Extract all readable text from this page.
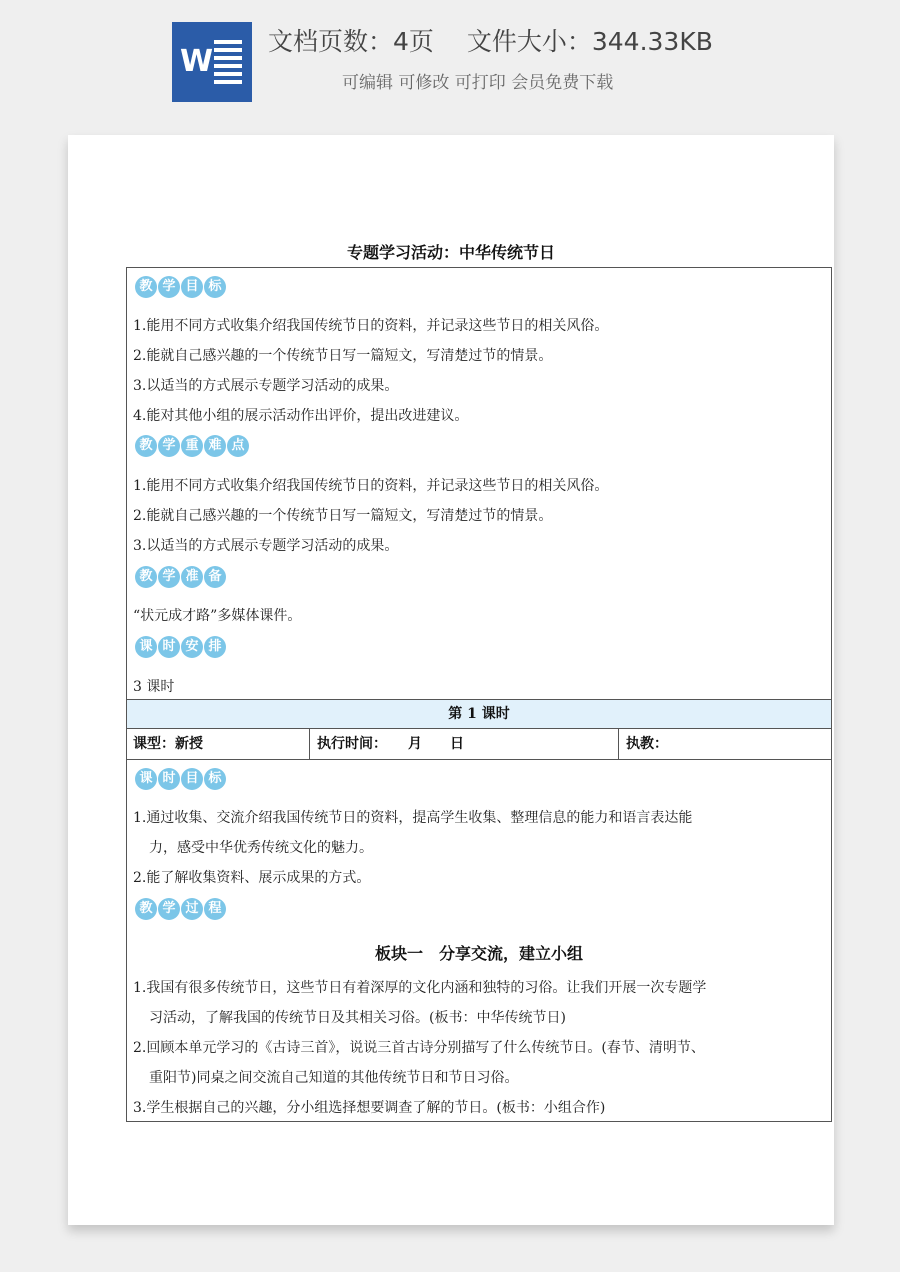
W
文档页数：4页　 文件大小：344.33KB
可编辑 可修改 可打印 会员免费下载
专题学习活动：中华传统节日
教 学 目 标
1.能用不同方式收集介绍我国传统节日的资料，并记录这些节日的相关风俗。
2.能就自己感兴趣的一个传统节日写一篇短文，写清楚过节的情景。
3.以适当的方式展示专题学习活动的成果。
4.能对其他小组的展示活动作出评价，提出改进建议。
教 学 重 难 点
1.能用不同方式收集介绍我国传统节日的资料，并记录这些节日的相关风俗。
2.能就自己感兴趣的一个传统节日写一篇短文，写清楚过节的情景。
3.以适当的方式展示专题学习活动的成果。
教 学 准 备
“状元成才路”多媒体课件。
课 时 安 排
3 课时
第 1 课时
课型：新授	执行时间：　　月　　日	执教：
课 时 目 标
1.通过收集、交流介绍我国传统节日的资料，提高学生收集、整理信息的能力和语言表达能
力，感受中华优秀传统文化的魅力。
2.能了解收集资料、展示成果的方式。
教 学 过 程
板块一　分享交流，建立小组
1.我国有很多传统节日，这些节日有着深厚的文化内涵和独特的习俗。让我们开展一次专题学
习活动，了解我国的传统节日及其相关习俗。(板书：中华传统节日)
2.回顾本单元学习的《古诗三首》，说说三首古诗分别描写了什么传统节日。(春节、清明节、
重阳节)同桌之间交流自己知道的其他传统节日和节日习俗。
3.学生根据自己的兴趣，分小组选择想要调查了解的节日。(板书：小组合作)
